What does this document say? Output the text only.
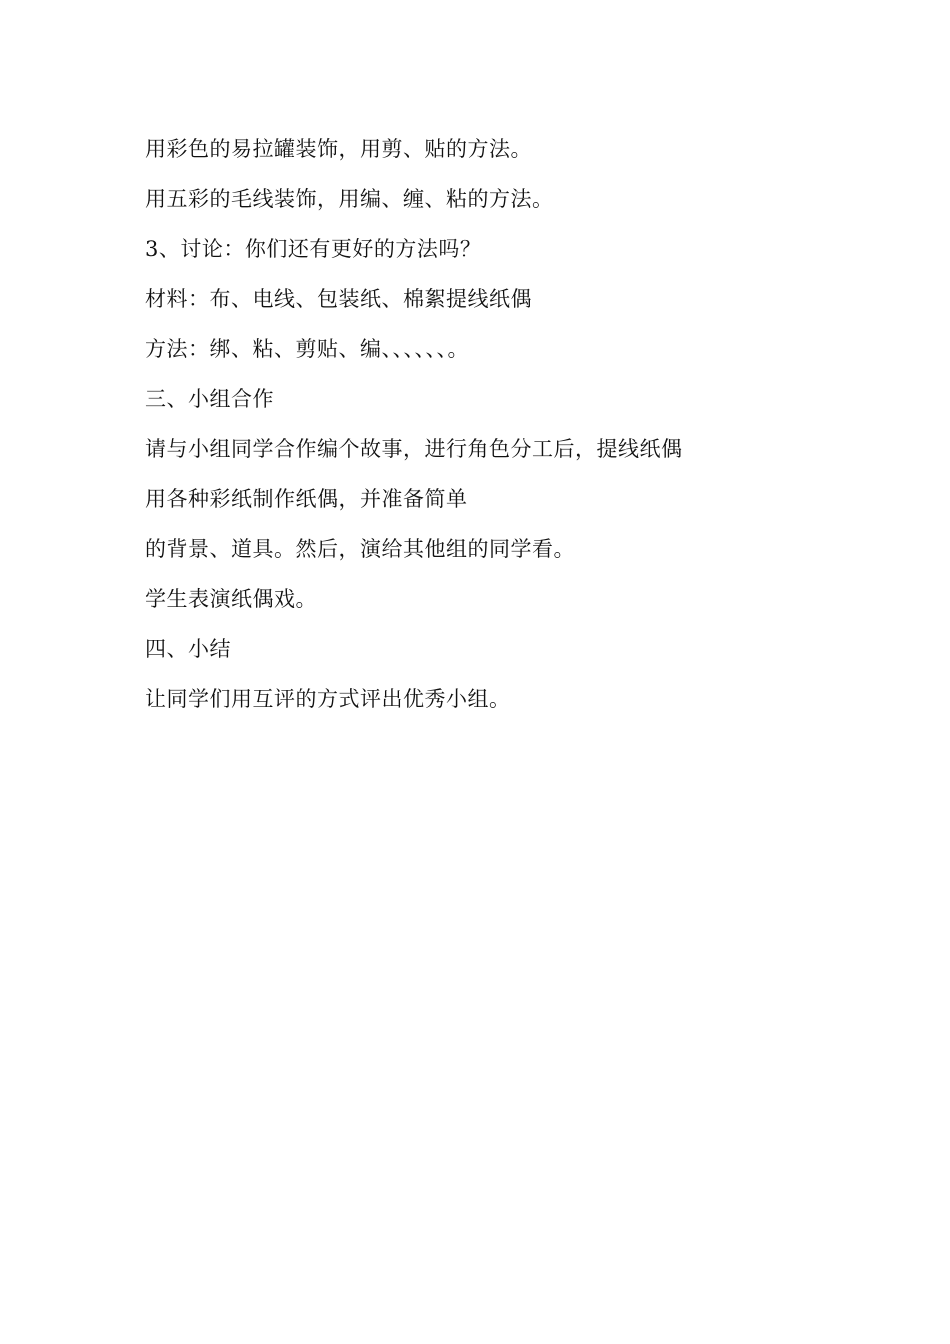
用彩色的易拉罐装饰，用剪、贴的方法。
用五彩的毛线装饰，用编、缠、粘的方法。
3、讨论：你们还有更好的方法吗？
材料：布、电线、包装纸、棉絮提线纸偶
方法：绑、粘、剪贴、编、、、、、、。
三、小组合作
请与小组同学合作编个故事，进行角色分工后，提线纸偶
用各种彩纸制作纸偶，并准备简单
的背景、道具。然后，演给其他组的同学看。
学生表演纸偶戏。
四、小结
让同学们用互评的方式评出优秀小组。
